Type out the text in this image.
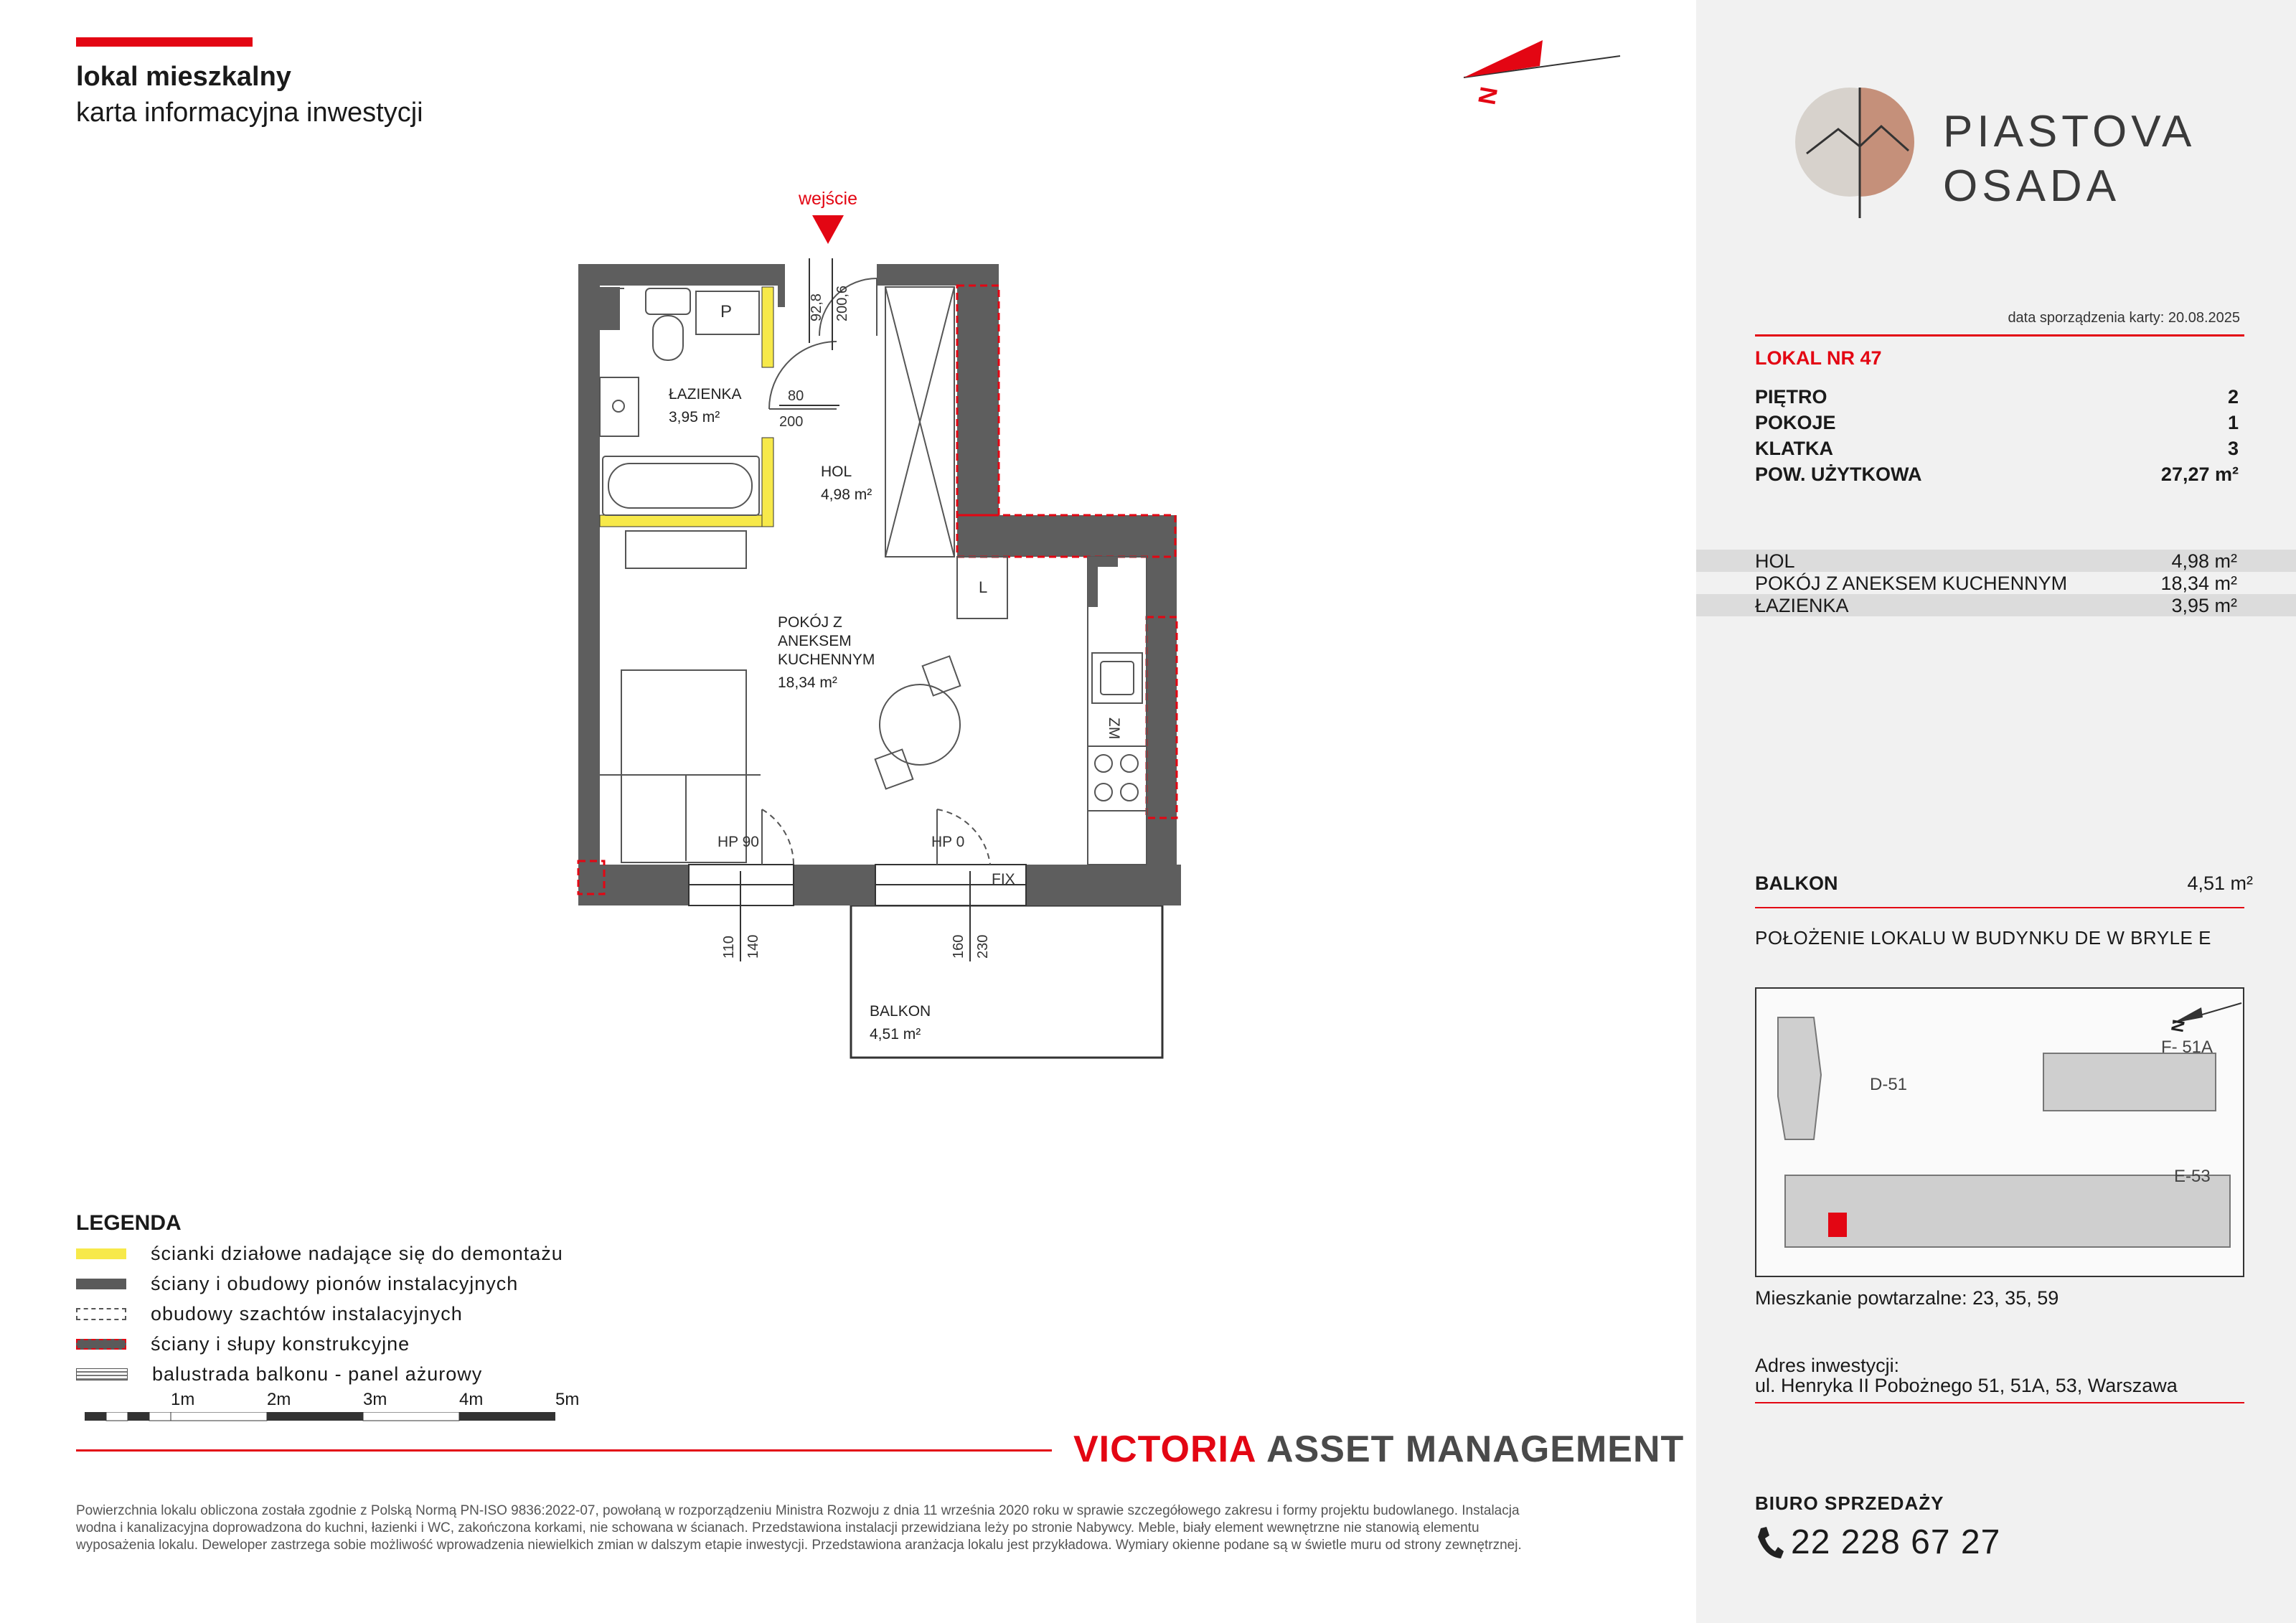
lokal mieszkalny
karta informacyjna inwestycji
N
wejście
P
L
ZM
FIX
HP 90	HP 0
92,8 200,6
80
200
110 140	160 230
ŁAZIENKA
3,95 m²
HOL
4,98 m²
POKÓJ Z
ANEKSEM
KUCHENNYM
18,34 m²
BALKON
4,51 m²
LEGENDA
ścianki działowe nadające się do demontażu
ściany i obudowy pionów instalacyjnych
obudowy szachtów instalacyjnych
ściany i słupy konstrukcyjne
balustrada balkonu - panel ażurowy
1m	2m	3m	4m	5m
VICTORIA ASSET MANAGEMENT
Powierzchnia lokalu obliczona została zgodnie z Polską Normą PN-ISO 9836:2022-07, powołaną w rozporządzeniu Ministra Rozwoju z dnia 11 września 2020 roku w sprawie szczegółowego zakresu i formy projektu budowlanego. Instalacja wodna i kanalizacyjna doprowadzona do kuchni, łazienki i WC, zakończona korkami, nie schowana w ścianach. Przedstawiona instalacji przewidziana leży po stronie Nabywcy. Meble, biały element wewnętrzne nie stanowią elementu wyposażenia lokalu. Deweloper zastrzega sobie możliwość wprowadzenia niewielkich zmian w dalszym etapie inwestycji. Przedstawiona aranżacja lokalu jest przykładowa. Wymiary okienne podane są w świetle muru od strony zewnętrznej.
PIASTOVA
OSADA
data sporządzenia karty: 20.08.2025
LOKAL NR 47
PIĘTRO	2
POKOJE	1
KLATKA	3
POW. UŻYTKOWA	27,27 m²
HOL	4,98 m²
POKÓJ Z ANEKSEM KUCHENNYM	18,34 m²
ŁAZIENKA	3,95 m²
BALKON	4,51 m²
POŁOŻENIE LOKALU W BUDYNKU DE W BRYLE E
D-51
F- 51A
E-53
N
Mieszkanie powtarzalne: 23, 35, 59
Adres inwestycji:
ul. Henryka II Pobożnego 51, 51A, 53, Warszawa
BIURO SPRZEDAŻY
22 228 67 27
